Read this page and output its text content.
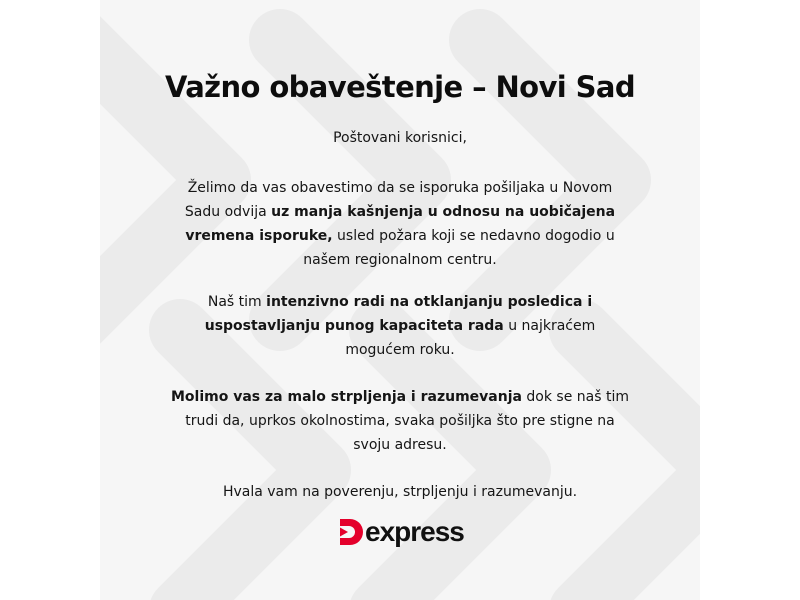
Važno obaveštenje – Novi Sad
Poštovani korisnici,
Želimo da vas obavestimo da se isporuka pošiljaka u Novom Sadu odvija uz manja kašnjenja u odnosu na uobičajena vremena isporuke, usled požara koji se nedavno dogodio u našem regionalnom centru.
Naš tim intenzivno radi na otklanjanju posledica i uspostavljanju punog kapaciteta rada u najkraćem mogućem roku.
Molimo vas za malo strpljenja i razumevanja dok se naš tim trudi da, uprkos okolnostima, svaka pošiljka što pre stigne na svoju adresu.
Hvala vam na poverenju, strpljenju i razumevanju.
express
